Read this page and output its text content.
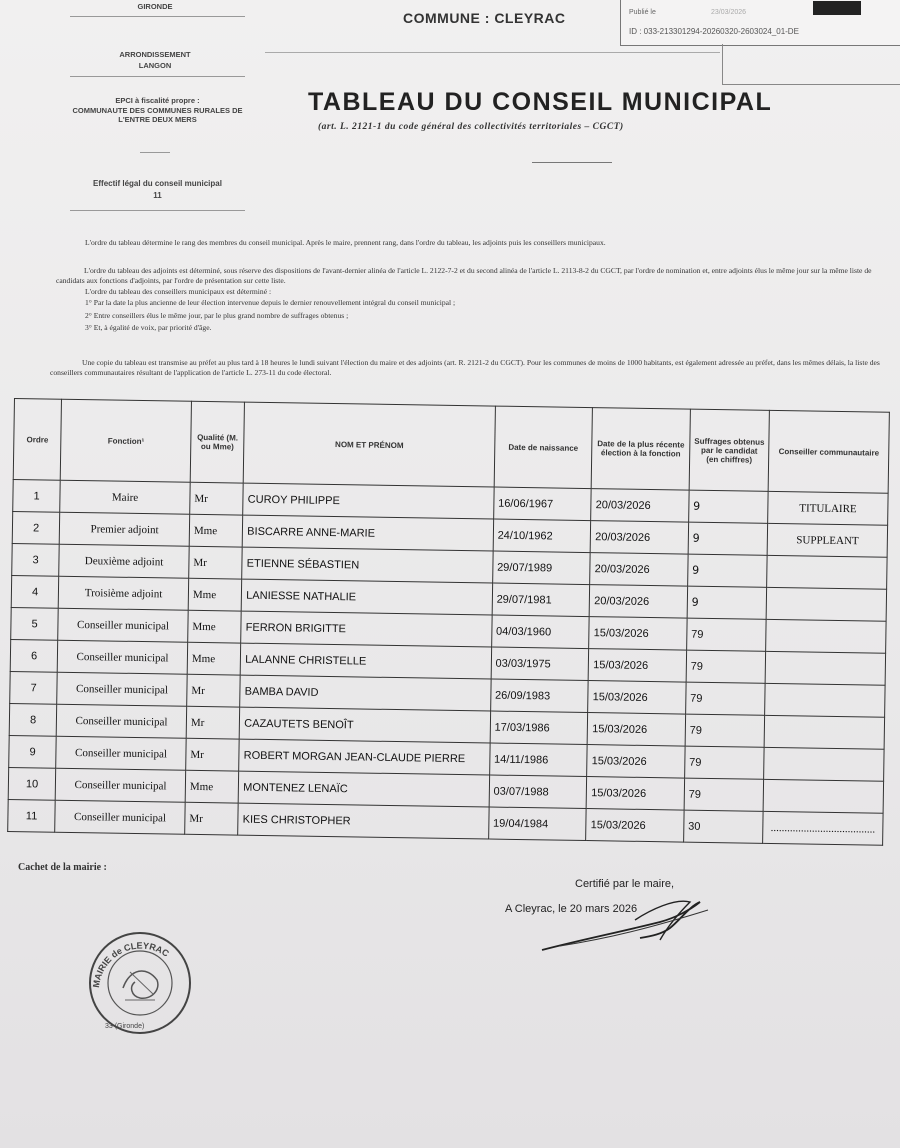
GIRONDE
ARRONDISSEMENT
LANGON
EPCI à fiscalité propre :
COMMUNAUTE DES COMMUNES RURALES DE L'ENTRE DEUX MERS
Effectif légal du conseil municipal
11
COMMUNE : CLEYRAC	Publié le	23/03/2026
ID : 033-213301294-20260320-2603024_01-DE
TABLEAU DU CONSEIL MUNICIPAL
(art. L. 2121-1 du code général des collectivités territoriales – CGCT)
L'ordre du tableau détermine le rang des membres du conseil municipal. Après le maire, prennent rang, dans l'ordre du tableau, les adjoints puis les conseillers municipaux.
L'ordre du tableau des adjoints est déterminé, sous réserve des dispositions de l'avant-dernier alinéa de l'article L. 2122-7-2 et du second alinéa de l'article L. 2113-8-2 du CGCT, par l'ordre de nomination et, entre adjoints élus le même jour sur la même liste de candidats aux fonctions d'adjoints, par l'ordre de présentation sur cette liste.
L'ordre du tableau des conseillers municipaux est déterminé :
1° Par la date la plus ancienne de leur élection intervenue depuis le dernier renouvellement intégral du conseil municipal ;
2° Entre conseillers élus le même jour, par le plus grand nombre de suffrages obtenus ;
3° Et, à égalité de voix, par priorité d'âge.
Une copie du tableau est transmise au préfet au plus tard à 18 heures le lundi suivant l'élection du maire et des adjoints (art. R. 2121-2 du CGCT). Pour les communes de moins de 1000 habitants, est également adressée au préfet, dans les mêmes délais, la liste des conseillers communautaires résultant de l'application de l'article L. 273-11 du code électoral.
Ordre	Fonction¹	Qualité (M. ou Mme)	NOM ET PRÉNOM	Date de naissance	Date de la plus récente élection à la fonction	Suffrages obtenus par le candidat (en chiffres)	Conseiller communautaire
1	Maire	Mr	CUROY PHILIPPE	16/06/1967	20/03/2026	9	TITULAIRE
2	Premier adjoint	Mme	BISCARRE ANNE-MARIE	24/10/1962	20/03/2026	9	SUPPLEANT
3	Deuxième adjoint	Mr	ETIENNE SÉBASTIEN	29/07/1989	20/03/2026	9	
4	Troisième adjoint	Mme	LANIESSE NATHALIE	29/07/1981	20/03/2026	9	
5	Conseiller municipal	Mme	FERRON BRIGITTE	04/03/1960	15/03/2026	79	
6	Conseiller municipal	Mme	LALANNE CHRISTELLE	03/03/1975	15/03/2026	79	
7	Conseiller municipal	Mr	BAMBA DAVID	26/09/1983	15/03/2026	79	
8	Conseiller municipal	Mr	CAZAUTETS BENOÎT	17/03/1986	15/03/2026	79	
9	Conseiller municipal	Mr	ROBERT MORGAN JEAN-CLAUDE PIERRE	14/11/1986	15/03/2026	79	
10	Conseiller municipal	Mme	MONTENEZ LENAÏC	03/07/1988	15/03/2026	79	
11	Conseiller municipal	Mr	KIES CHRISTOPHER	19/04/1984	15/03/2026	30	......................................
Cachet de la mairie :
Certifié par le maire,
A Cleyrac, le 20 mars 2026
MAIRIE de CLEYRAC
33 (Gironde)
